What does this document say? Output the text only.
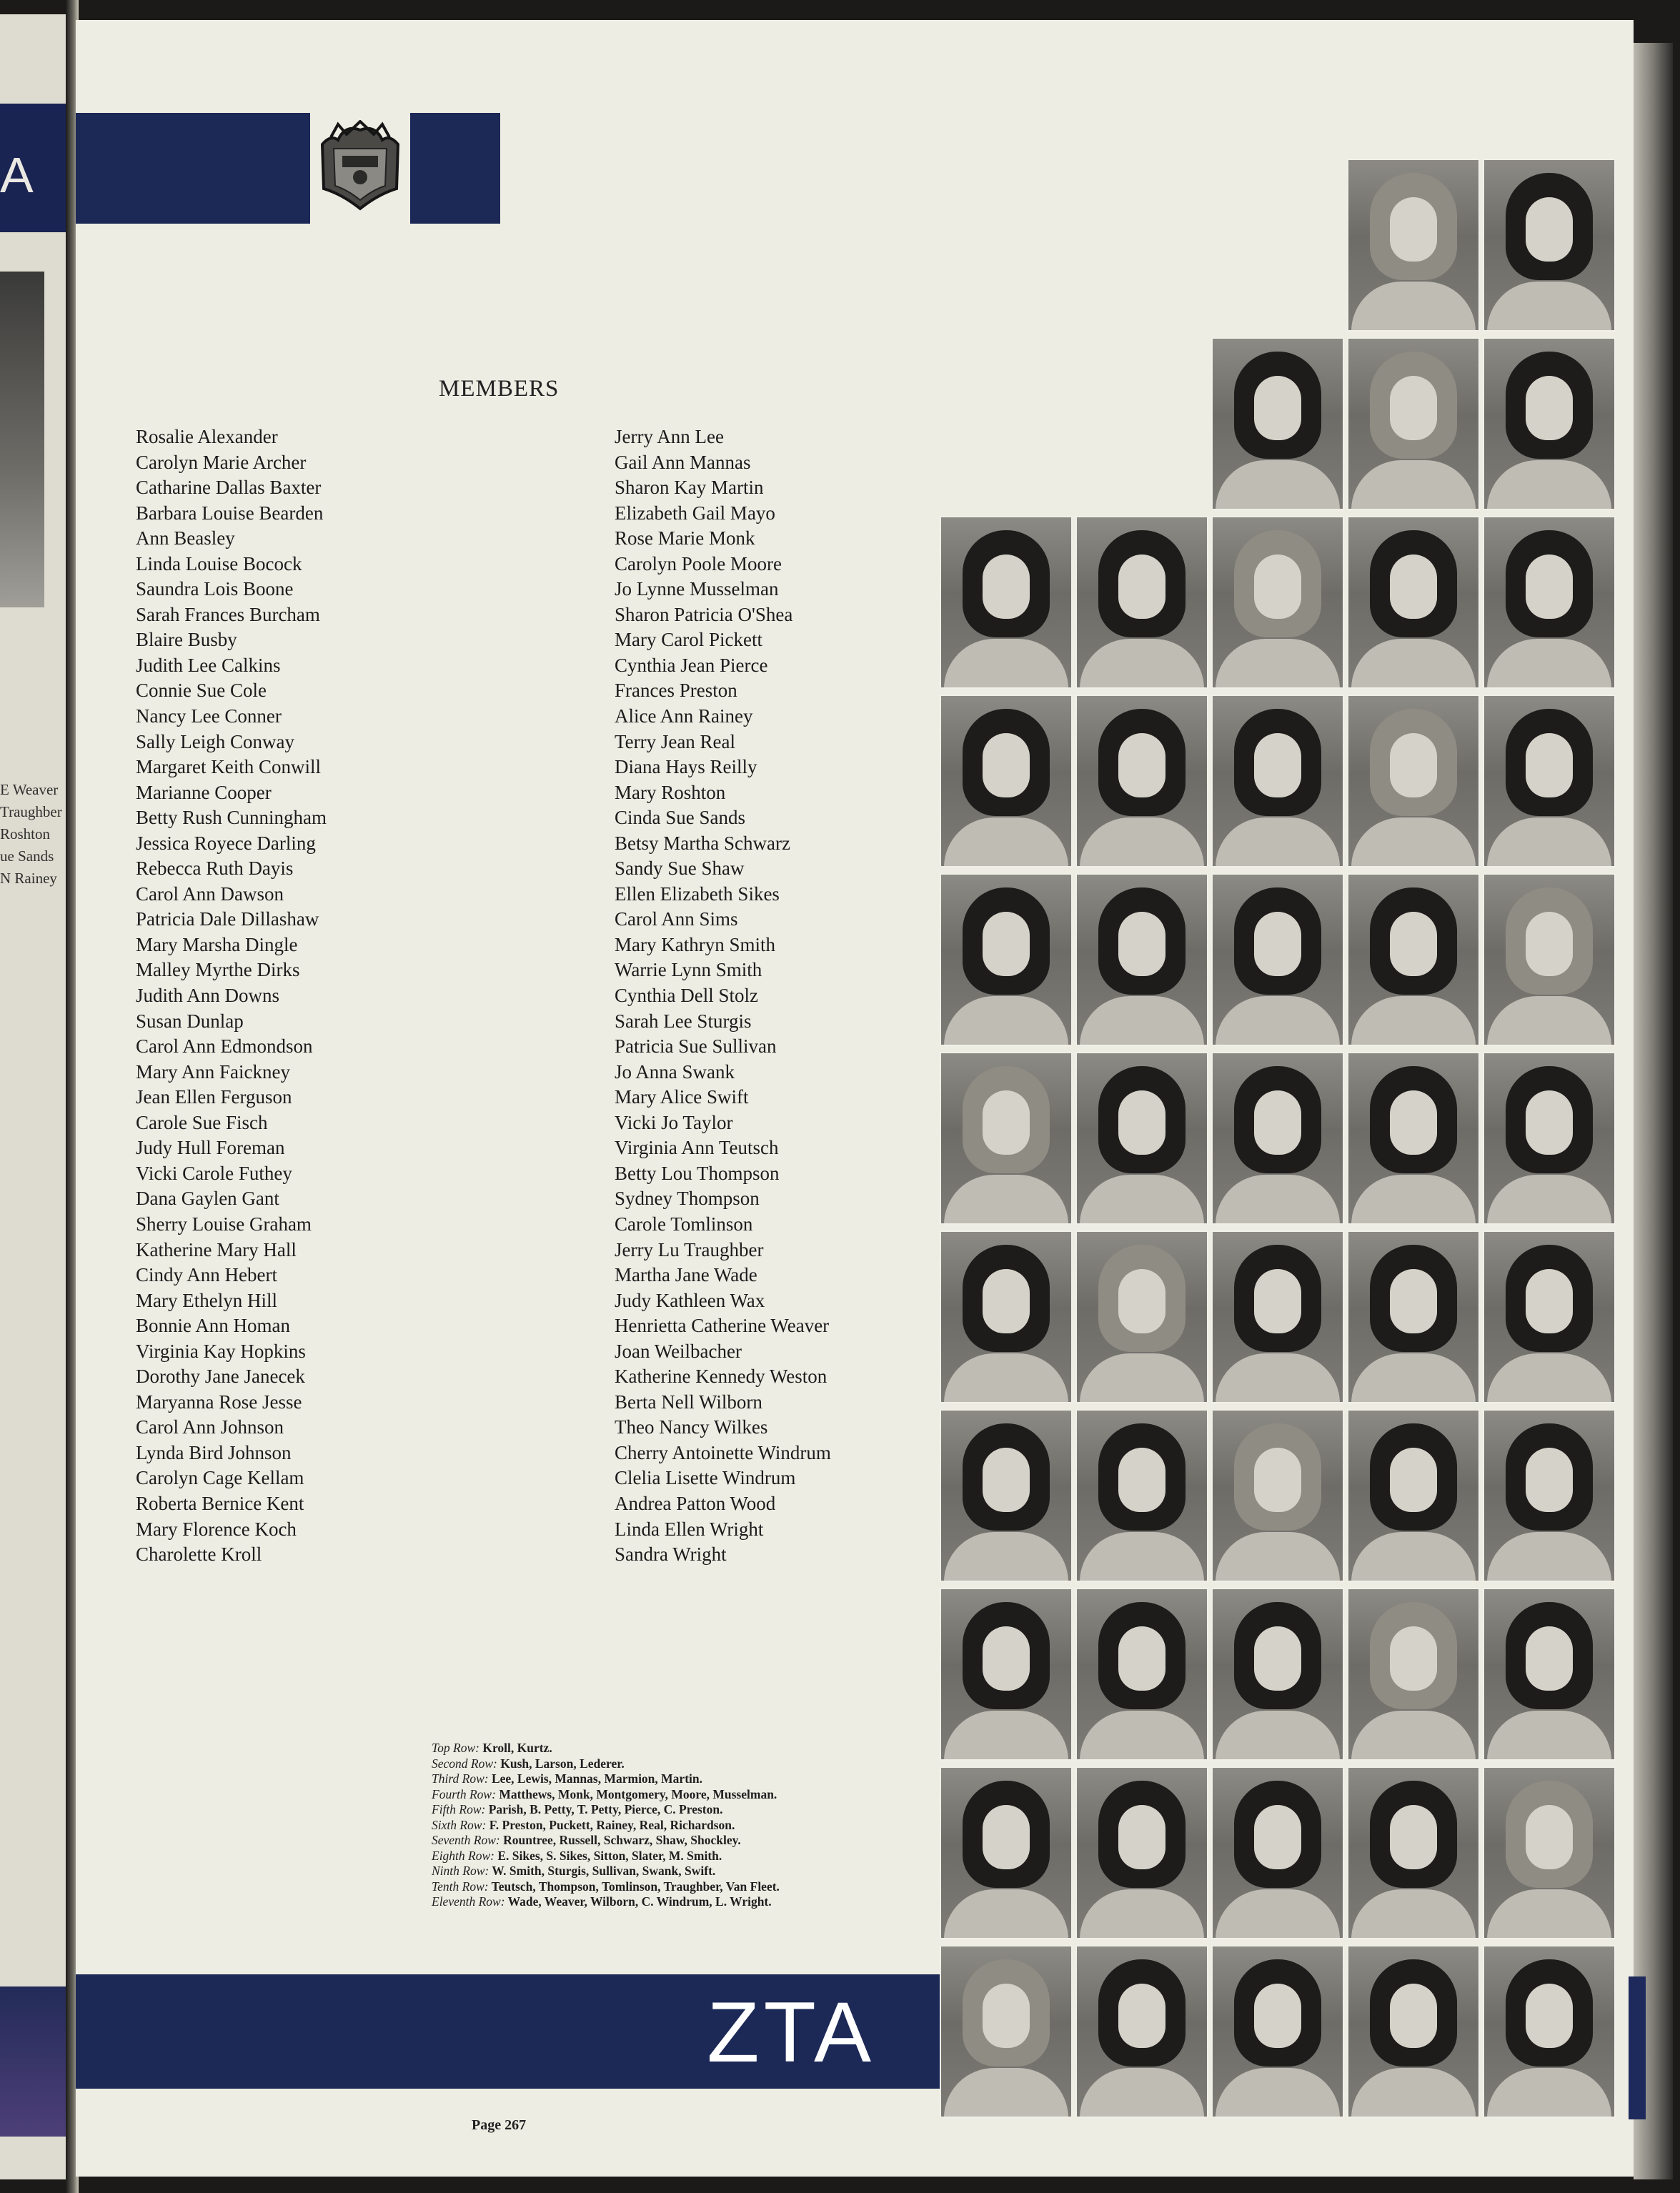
A
E Weaver
Traughber
Roshton
ue Sands
N Rainey
MEMBERS
Rosalie Alexander
Carolyn Marie Archer
Catharine Dallas Baxter
Barbara Louise Bearden
Ann Beasley
Linda Louise Bocock
Saundra Lois Boone
Sarah Frances Burcham
Blaire Busby
Judith Lee Calkins
Connie Sue Cole
Nancy Lee Conner
Sally Leigh Conway
Margaret Keith Conwill
Marianne Cooper
Betty Rush Cunningham
Jessica Royece Darling
Rebecca Ruth Dayis
Carol Ann Dawson
Patricia Dale Dillashaw
Mary Marsha Dingle
Malley Myrthe Dirks
Judith Ann Downs
Susan Dunlap
Carol Ann Edmondson
Mary Ann Faickney
Jean Ellen Ferguson
Carole Sue Fisch
Judy Hull Foreman
Vicki Carole Futhey
Dana Gaylen Gant
Sherry Louise Graham
Katherine Mary Hall
Cindy Ann Hebert
Mary Ethelyn Hill
Bonnie Ann Homan
Virginia Kay Hopkins
Dorothy Jane Janecek
Maryanna Rose Jesse
Carol Ann Johnson
Lynda Bird Johnson
Carolyn Cage Kellam
Roberta Bernice Kent
Mary Florence Koch
Charolette Kroll
Jerry Ann Lee
Gail Ann Mannas
Sharon Kay Martin
Elizabeth Gail Mayo
Rose Marie Monk
Carolyn Poole Moore
Jo Lynne Musselman
Sharon Patricia O'Shea
Mary Carol Pickett
Cynthia Jean Pierce
Frances Preston
Alice Ann Rainey
Terry Jean Real
Diana Hays Reilly
Mary Roshton
Cinda Sue Sands
Betsy Martha Schwarz
Sandy Sue Shaw
Ellen Elizabeth Sikes
Carol Ann Sims
Mary Kathryn Smith
Warrie Lynn Smith
Cynthia Dell Stolz
Sarah Lee Sturgis
Patricia Sue Sullivan
Jo Anna Swank
Mary Alice Swift
Vicki Jo Taylor
Virginia Ann Teutsch
Betty Lou Thompson
Sydney Thompson
Carole Tomlinson
Jerry Lu Traughber
Martha Jane Wade
Judy Kathleen Wax
Henrietta Catherine Weaver
Joan Weilbacher
Katherine Kennedy Weston
Berta Nell Wilborn
Theo Nancy Wilkes
Cherry Antoinette Windrum
Clelia Lisette Windrum
Andrea Patton Wood
Linda Ellen Wright
Sandra Wright
Top Row: Kroll, Kurtz.
Second Row: Kush, Larson, Lederer.
Third Row: Lee, Lewis, Mannas, Marmion, Martin.
Fourth Row: Matthews, Monk, Montgomery, Moore, Musselman.
Fifth Row: Parish, B. Petty, T. Petty, Pierce, C. Preston.
Sixth Row: F. Preston, Puckett, Rainey, Real, Richardson.
Seventh Row: Rountree, Russell, Schwarz, Shaw, Shockley.
Eighth Row: E. Sikes, S. Sikes, Sitton, Slater, M. Smith.
Ninth Row: W. Smith, Sturgis, Sullivan, Swank, Swift.
Tenth Row: Teutsch, Thompson, Tomlinson, Traughber, Van Fleet.
Eleventh Row: Wade, Weaver, Wilborn, C. Windrum, L. Wright.
ZTA
Page 267
